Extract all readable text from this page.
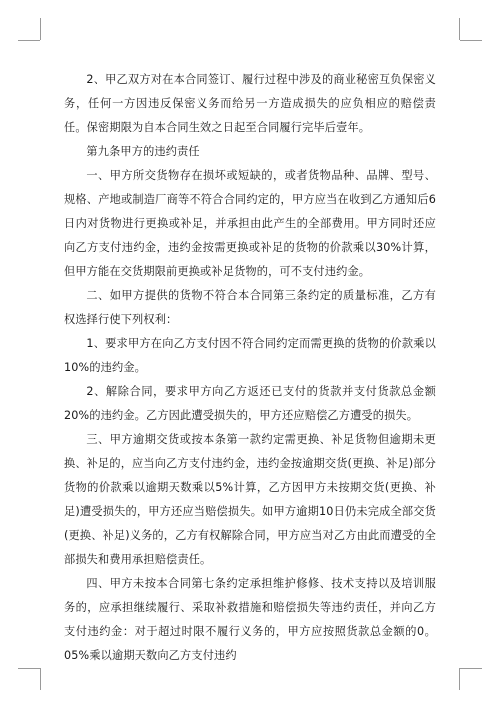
2、甲乙双方对在本合同签订、履行过程中涉及的商业秘密互负保密义务，任何一方因违反保密义务而给另一方造成损失的应负相应的赔偿责任。保密期限为自本合同生效之日起至合同履行完毕后壹年。

第九条甲方的违约责任

一、甲方所交货物存在损坏或短缺的，或者货物品种、品牌、型号、规格、产地或制造厂商等不符合合同约定的，甲方应当在收到乙方通知后6日内对货物进行更换或补足，并承担由此产生的全部费用。甲方同时还应向乙方支付违约金，违约金按需更换或补足的货物的价款乘以30%计算，但甲方能在交货期限前更换或补足货物的，可不支付违约金。

二、如甲方提供的货物不符合本合同第三条约定的质量标准，乙方有权选择行使下列权利：

1、要求甲方在向乙方支付因不符合同约定而需更换的货物的价款乘以10%的违约金。

2、解除合同，要求甲方向乙方返还已支付的货款并支付货款总金额20%的违约金。乙方因此遭受损失的，甲方还应赔偿乙方遭受的损失。

三、甲方逾期交货或按本条第一款约定需更换、补足货物但逾期未更换、补足的，应当向乙方支付违约金，违约金按逾期交货(更换、补足)部分货物的价款乘以逾期天数乘以5%计算，乙方因甲方未按期交货(更换、补足)遭受损失的，甲方还应当赔偿损失。如甲方逾期10日仍未完成全部交货(更换、补足)义务的，乙方有权解除合同，甲方应当对乙方由此而遭受的全部损失和费用承担赔偿责任。

四、甲方未按本合同第七条约定承担维护修修、技术支持以及培训服务的，应承担继续履行、采取补救措施和赔偿损失等违约责任，并向乙方支付违约金：对于超过时限不履行义务的，甲方应按照货款总金额的0。05%乘以逾期天数向乙方支付违约
